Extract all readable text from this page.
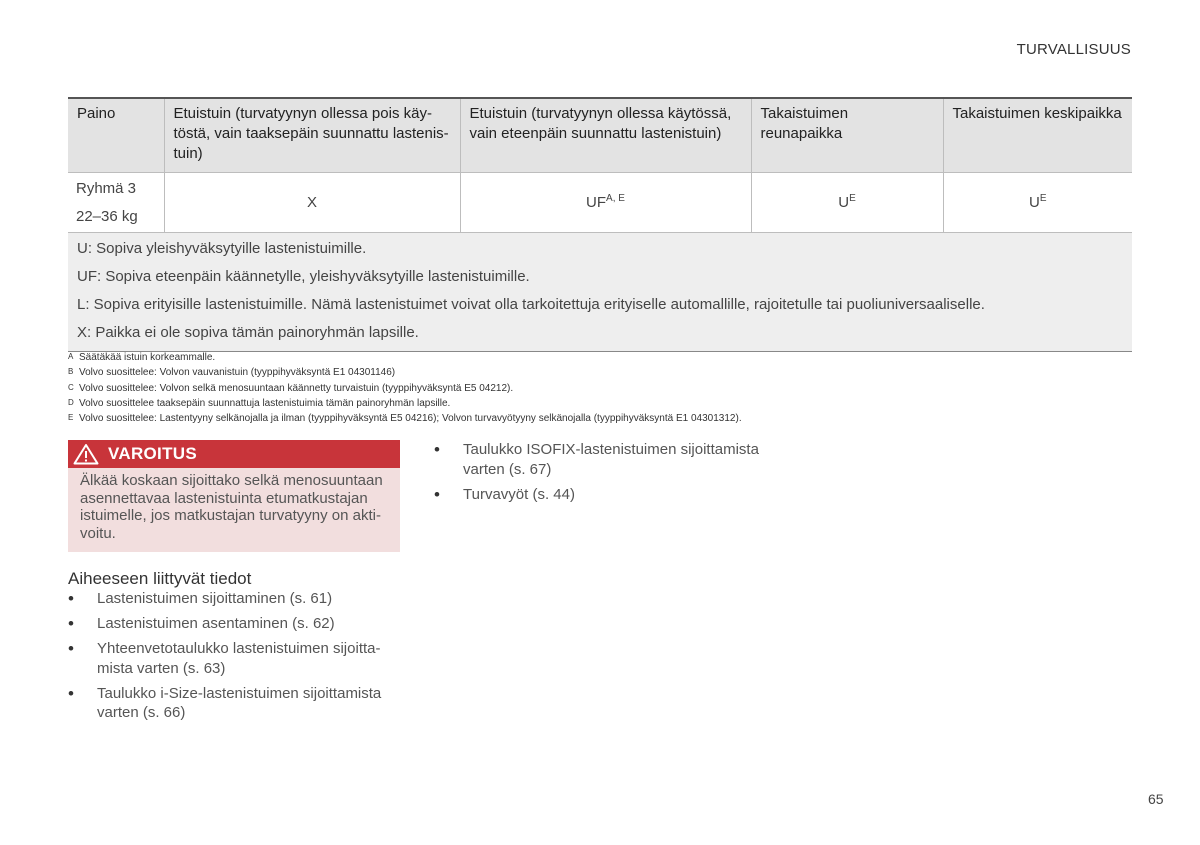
TURVALLISUUS
Paino	Etuistuin (turvatyynyn ollessa pois käy-
töstä, vain taaksepäin suunnattu lastenis-
tuin)	Etuistuin (turvatyynyn ollessa käytössä,
vain eteenpäin suunnattu lastenistuin)	Takaistuimen reunapaikka	Takaistuimen keskipaikka

Ryhmä 3
22–36 kg	X	$UF^{A, E}$	$U^E$	$U^E$

U: Sopiva yleishyväksytyille lastenistuimille.
UF: Sopiva eteenpäin käännetylle, yleishyväksytyille lastenistuimille.
L: Sopiva erityisille lastenistuimille. Nämä lastenistuimet voivat olla tarkoitettuja erityiselle automallille, rajoitetulle tai puoliuniversaaliselle.
X: Paikka ei ole sopiva tämän painoryhmän lapsille.				
A Säätäkää istuin korkeammalle.
B Volvo suosittelee: Volvon vauvanistuin (tyyppihyväksyntä E1 04301146)
C Volvo suosittelee: Volvon selkä menosuuntaan käännetty turvaistuin (tyyppihyväksyntä E5 04212).
D Volvo suosittelee taaksepäin suunnattuja lastenistuimia tämän painoryhmän lapsille.
E Volvo suosittelee: Lastentyyny selkänojalla ja ilman (tyyppihyväksyntä E5 04216); Volvon turvavyötyyny selkänojalla (tyyppihyväksyntä E1 04301312).
VAROITUS
Älkää koskaan sijoittako selkä menosuuntaan
asennettavaa lastenistuinta etumatkustajan
istuimelle, jos matkustajan turvatyyny on akti-
voitu.
Aiheeseen liittyvät tiedot
• Lastenistuimen sijoittaminen (s. 61)
• Lastenistuimen asentaminen (s. 62)
• Yhteenvetotaulukko lastenistuimen sijoitta-
mista varten (s. 63)
• Taulukko i-Size-lastenistuimen sijoittamista
varten (s. 66)
• Taulukko ISOFIX-lastenistuimen sijoittamista
varten (s. 67)
• Turvavyöt (s. 44)
65
